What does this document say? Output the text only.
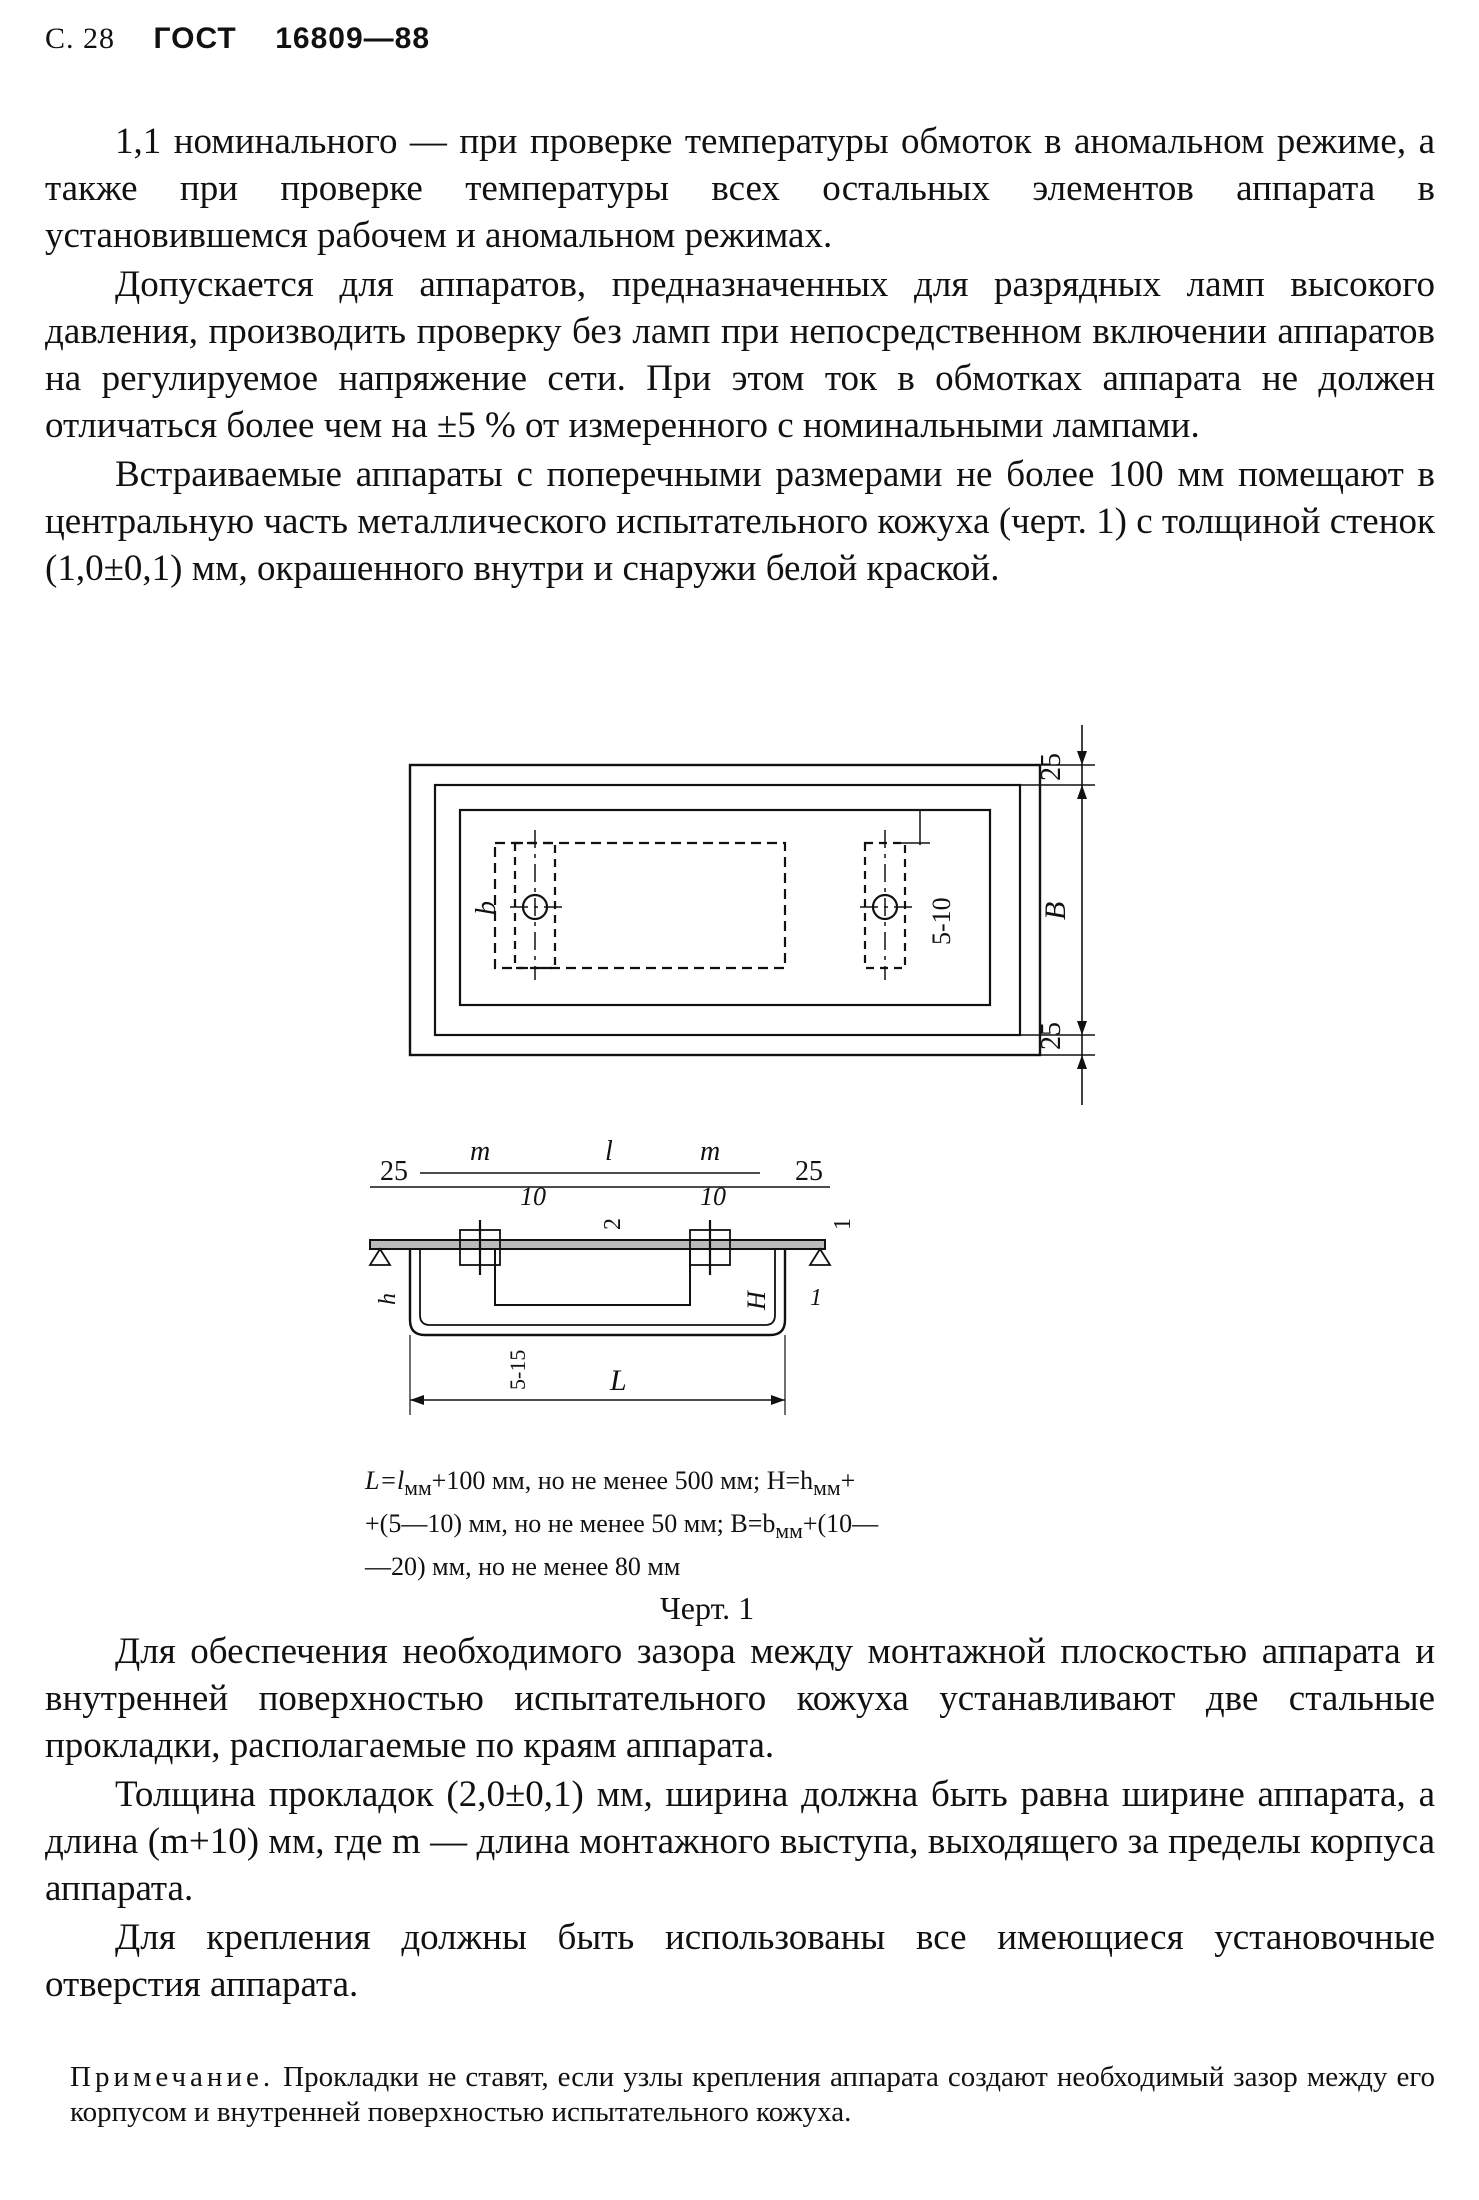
С. 28 ГОСТ 16809—88

1,1 номинального — при проверке температуры обмоток в аномальном режиме, а также при проверке температуры всех остальных элементов аппарата в установившемся рабочем и аномальном режимах.

Допускается для аппаратов, предназначенных для разрядных ламп высокого давления, производить проверку без ламп при непосредственном включении аппаратов на регулируемое напряжение сети. При этом ток в обмотках аппарата не должен отличаться более чем на ±5 % от измеренного с номинальными лампами.

Встраиваемые аппараты с поперечными размерами не более 100 мм помещают в центральную часть металлического испытательного кожуха (черт. 1) с толщиной стенок (1,0±0,1) мм, окрашенного внутри и снаружи белой краской.

25
B
25
b	5-10
25
m	l	m
25
10	10
2	1
1
h	H
5-15	L
$L=l_{мм}+100$ мм, но не менее 500 мм; $H=h_{мм}+$
+(5—10) мм, но не менее 50 мм; $B=b_{мм}+(10—$
—20) мм, но не менее 80 мм
Черт. 1

Для обеспечения необходимого зазора между монтажной плоскостью аппарата и внутренней поверхностью испытательного кожуха устанавливают две стальные прокладки, располагаемые по краям аппарата.

Толщина прокладок (2,0±0,1) мм, ширина должна быть равна ширине аппарата, а длина (m+10) мм, где m — длина монтажного выступа, выходящего за пределы корпуса аппарата.

Для крепления должны быть использованы все имеющиеся установочные отверстия аппарата.

Примечание. Прокладки не ставят, если узлы крепления аппарата создают необходимый зазор между его корпусом и внутренней поверхностью испытательного кожуха.
